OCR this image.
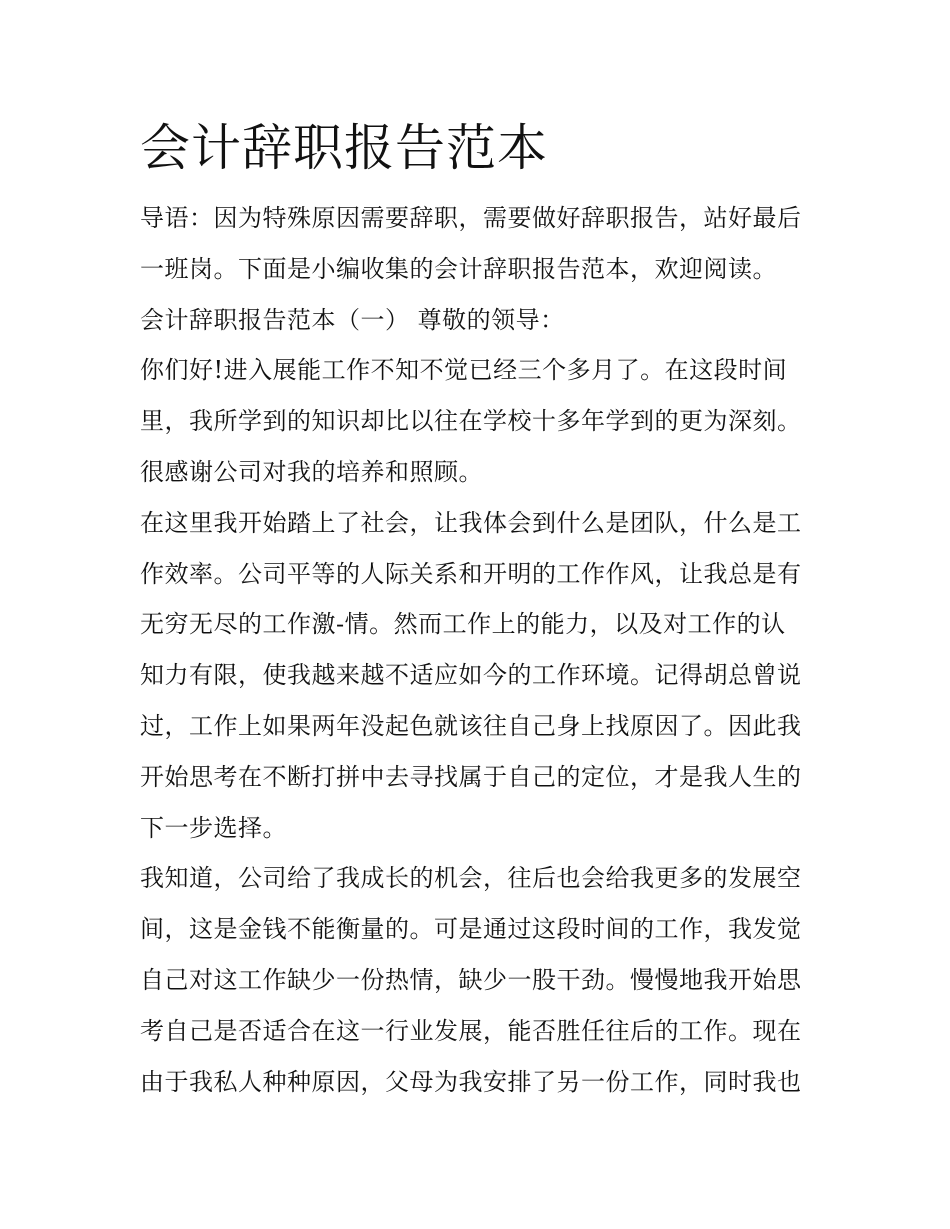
会计辞职报告范本
导语：因为特殊原因需要辞职，需要做好辞职报告，站好最后
一班岗。下面是小编收集的会计辞职报告范本，欢迎阅读。
会计辞职报告范本（一） 尊敬的领导：
你们好!进入展能工作不知不觉已经三个多月了。在这段时间
里，我所学到的知识却比以往在学校十多年学到的更为深刻。
很感谢公司对我的培养和照顾。
在这里我开始踏上了社会，让我体会到什么是团队，什么是工
作效率。公司平等的人际关系和开明的工作作风，让我总是有
无穷无尽的工作激-情。然而工作上的能力，以及对工作的认
知力有限，使我越来越不适应如今的工作环境。记得胡总曾说
过，工作上如果两年没起色就该往自己身上找原因了。因此我
开始思考在不断打拼中去寻找属于自己的定位，才是我人生的
下一步选择。
我知道，公司给了我成长的机会，往后也会给我更多的发展空
间，这是金钱不能衡量的。可是通过这段时间的工作，我发觉
自己对这工作缺少一份热情，缺少一股干劲。慢慢地我开始思
考自己是否适合在这一行业发展，能否胜任往后的工作。现在
由于我私人种种原因，父母为我安排了另一份工作，同时我也
